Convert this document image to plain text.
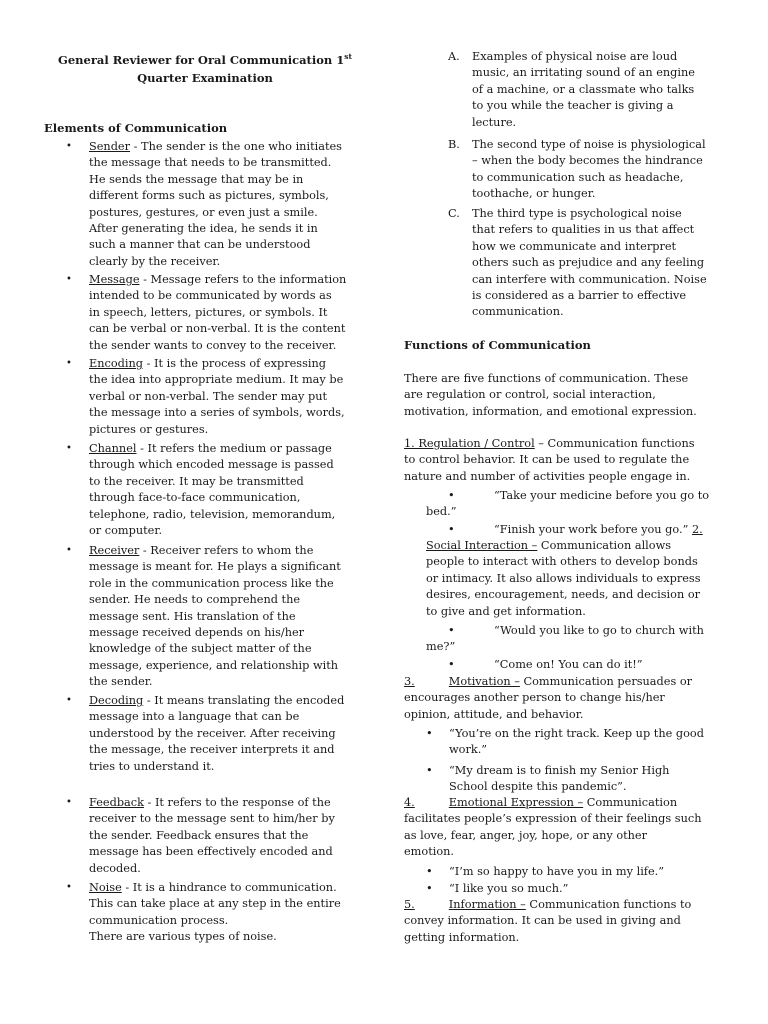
General Reviewer for Oral Communication 1st
Quarter Examination
Elements of Communication
• Sender - The sender is the one who initiates
the message that needs to be transmitted.
He sends the message that may be in
different forms such as pictures, symbols,
postures, gestures, or even just a smile.
After generating the idea, he sends it in
such a manner that can be understood
clearly by the receiver.
• Message - Message refers to the information
intended to be communicated by words as
in speech, letters, pictures, or symbols. It
can be verbal or non-verbal. It is the content
the sender wants to convey to the receiver.
• Encoding - It is the process of expressing
the idea into appropriate medium. It may be
verbal or non-verbal. The sender may put
the message into a series of symbols, words,
pictures or gestures.
• Channel - It refers the medium or passage
through which encoded message is passed
to the receiver. It may be transmitted
through face-to-face communication,
telephone, radio, television, memorandum,
or computer.
• Receiver - Receiver refers to whom the
message is meant for. He plays a significant
role in the communication process like the
sender. He needs to comprehend the
message sent. His translation of the
message received depends on his/her
knowledge of the subject matter of the
message, experience, and relationship with
the sender.
• Decoding - It means translating the encoded
message into a language that can be
understood by the receiver. After receiving
the message, the receiver interprets it and
tries to understand it.
• Feedback - It refers to the response of the
receiver to the message sent to him/her by
the sender. Feedback ensures that the
message has been effectively encoded and
decoded.
• Noise - It is a hindrance to communication.
This can take place at any step in the entire
communication process.
There are various types of noise.
A. Examples of physical noise are loud
music, an irritating sound of an engine
of a machine, or a classmate who talks
to you while the teacher is giving a
lecture.
B. The second type of noise is physiological
– when the body becomes the hindrance
to communication such as headache,
toothache, or hunger.
C. The third type is psychological noise
that refers to qualities in us that affect
how we communicate and interpret
others such as prejudice and any feeling
can interfere with communication. Noise
is considered as a barrier to effective
communication.
Functions of Communication
There are five functions of communication. These
are regulation or control, social interaction,
motivation, information, and emotional expression.
1. Regulation / Control – Communication functions
to control behavior. It can be used to regulate the
nature and number of activities people engage in.
•	“Take your medicine before you go to
bed.”
•	“Finish your work before you go.” 2.
Social Interaction – Communication allows
people to interact with others to develop bonds
or intimacy. It also allows individuals to express
desires, encouragement, needs, and decision or
to give and get information.
•	“Would you like to go to church with
me?”
•	“Come on! You can do it!”
3.	Motivation – Communication persuades or
encourages another person to change his/her
opinion, attitude, and behavior.
• “You’re on the right track. Keep up the good
work.”
• “My dream is to finish my Senior High
School despite this pandemic”.
4.	Emotional Expression – Communication
facilitates people’s expression of their feelings such
as love, fear, anger, joy, hope, or any other
emotion.
• “I’m so happy to have you in my life.”
• “I like you so much.”
5.	Information – Communication functions to
convey information. It can be used in giving and
getting information.
